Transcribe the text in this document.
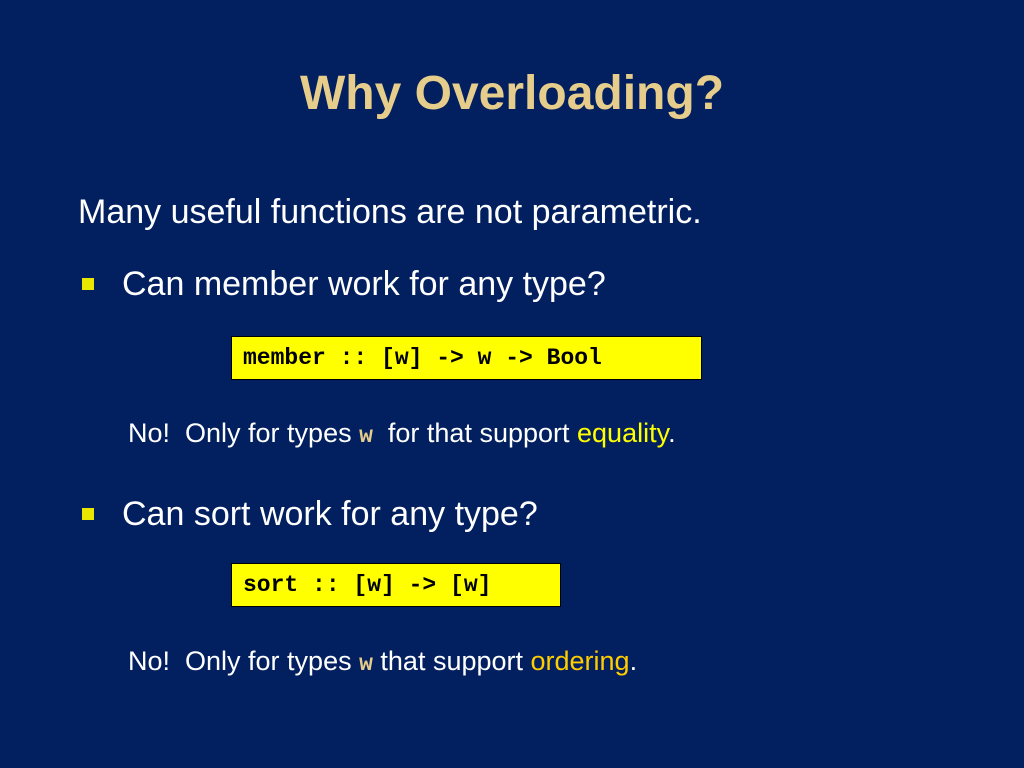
Why Overloading?
Many useful functions are not parametric.
Can member work for any type?
member :: [w] -> w -> Bool
No!  Only for types w  for that support equality.
Can sort work for any type?
sort :: [w] -> [w]
No!  Only for types w that support ordering.
